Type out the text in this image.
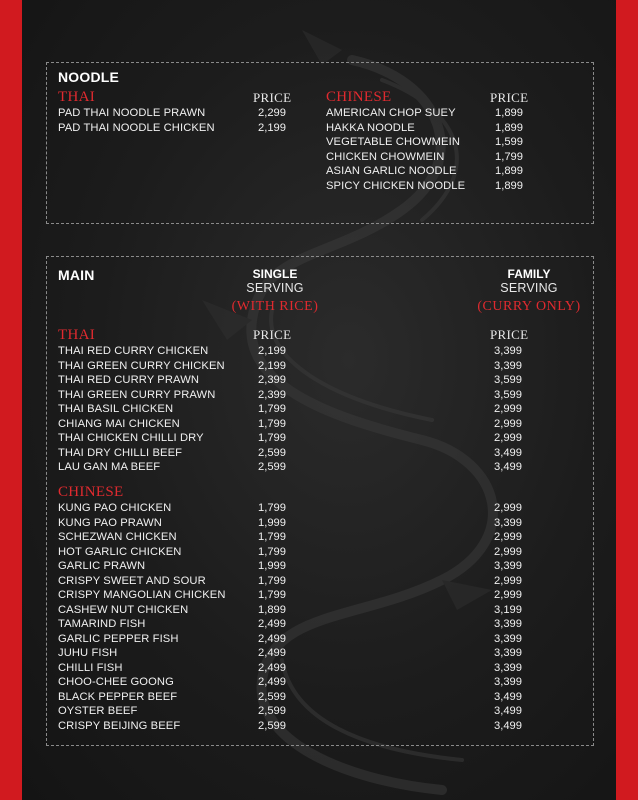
NOODLE
THAI	PRICE
PAD THAI NOODLE PRAWN	2,299
PAD THAI NOODLE CHICKEN	2,199
CHINESE	PRICE
AMERICAN CHOP SUEY	1,899
HAKKA NOODLE	1,899
VEGETABLE CHOWMEIN	1,599
CHICKEN CHOWMEIN	1,799
ASIAN GARLIC NOODLE	1,899
SPICY CHICKEN NOODLE	1,899
MAIN	SINGLE
SERVING
(WITH RICE)
FAMILY
SERVING
(CURRY ONLY)
THAI	PRICE	PRICE
THAI RED CURRY CHICKEN	2,199	3,399
THAI GREEN CURRY CHICKEN	2,199	3,399
THAI RED CURRY PRAWN	2,399	3,599
THAI GREEN CURRY PRAWN	2,399	3,599
THAI BASIL CHICKEN	1,799	2,999
CHIANG MAI CHICKEN	1,799	2,999
THAI CHICKEN CHILLI DRY	1,799	2,999
THAI DRY CHILLI BEEF	2,599	3,499
LAU GAN MA BEEF	2,599	3,499
CHINESE
KUNG PAO CHICKEN	1,799	2,999
KUNG PAO PRAWN	1,999	3,399
SCHEZWAN CHICKEN	1,799	2,999
HOT GARLIC CHICKEN	1,799	2,999
GARLIC PRAWN	1,999	3,399
CRISPY SWEET AND SOUR	1,799	2,999
CRISPY MANGOLIAN CHICKEN	1,799	2,999
CASHEW NUT CHICKEN	1,899	3,199
TAMARIND FISH	2,499	3,399
GARLIC PEPPER FISH	2,499	3,399
JUHU FISH	2,499	3,399
CHILLI FISH	2,499	3,399
CHOO-CHEE GOONG	2,499	3,399
BLACK PEPPER BEEF	2,599	3,499
OYSTER BEEF	2,599	3,499
CRISPY BEIJING BEEF	2,599	3,499
